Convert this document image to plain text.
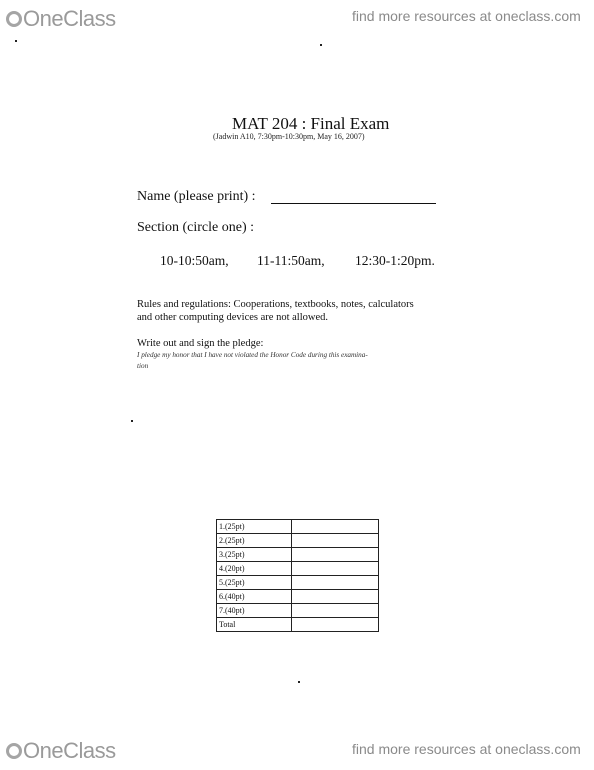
OneClass	find more resources at oneclass.com
MAT 204 : Final Exam
(Jadwin A10, 7:30pm-10:30pm, May 16, 2007)
Name (please print) :
Section (circle one) :
10-10:50am, 11-11:50am, 12:30-1:20pm.
Rules and regulations: Cooperations, textbooks, notes, calculators
and other computing devices are not allowed.
Write out and sign the pledge:
I pledge my honor that I have not violated the Honor Code during this examina-
tion
1.(25pt)	
2.(25pt)	
3.(25pt)	
4.(20pt)	
5.(25pt)	
6.(40pt)	
7.(40pt)	
Total	
OneClass	find more resources at oneclass.com
